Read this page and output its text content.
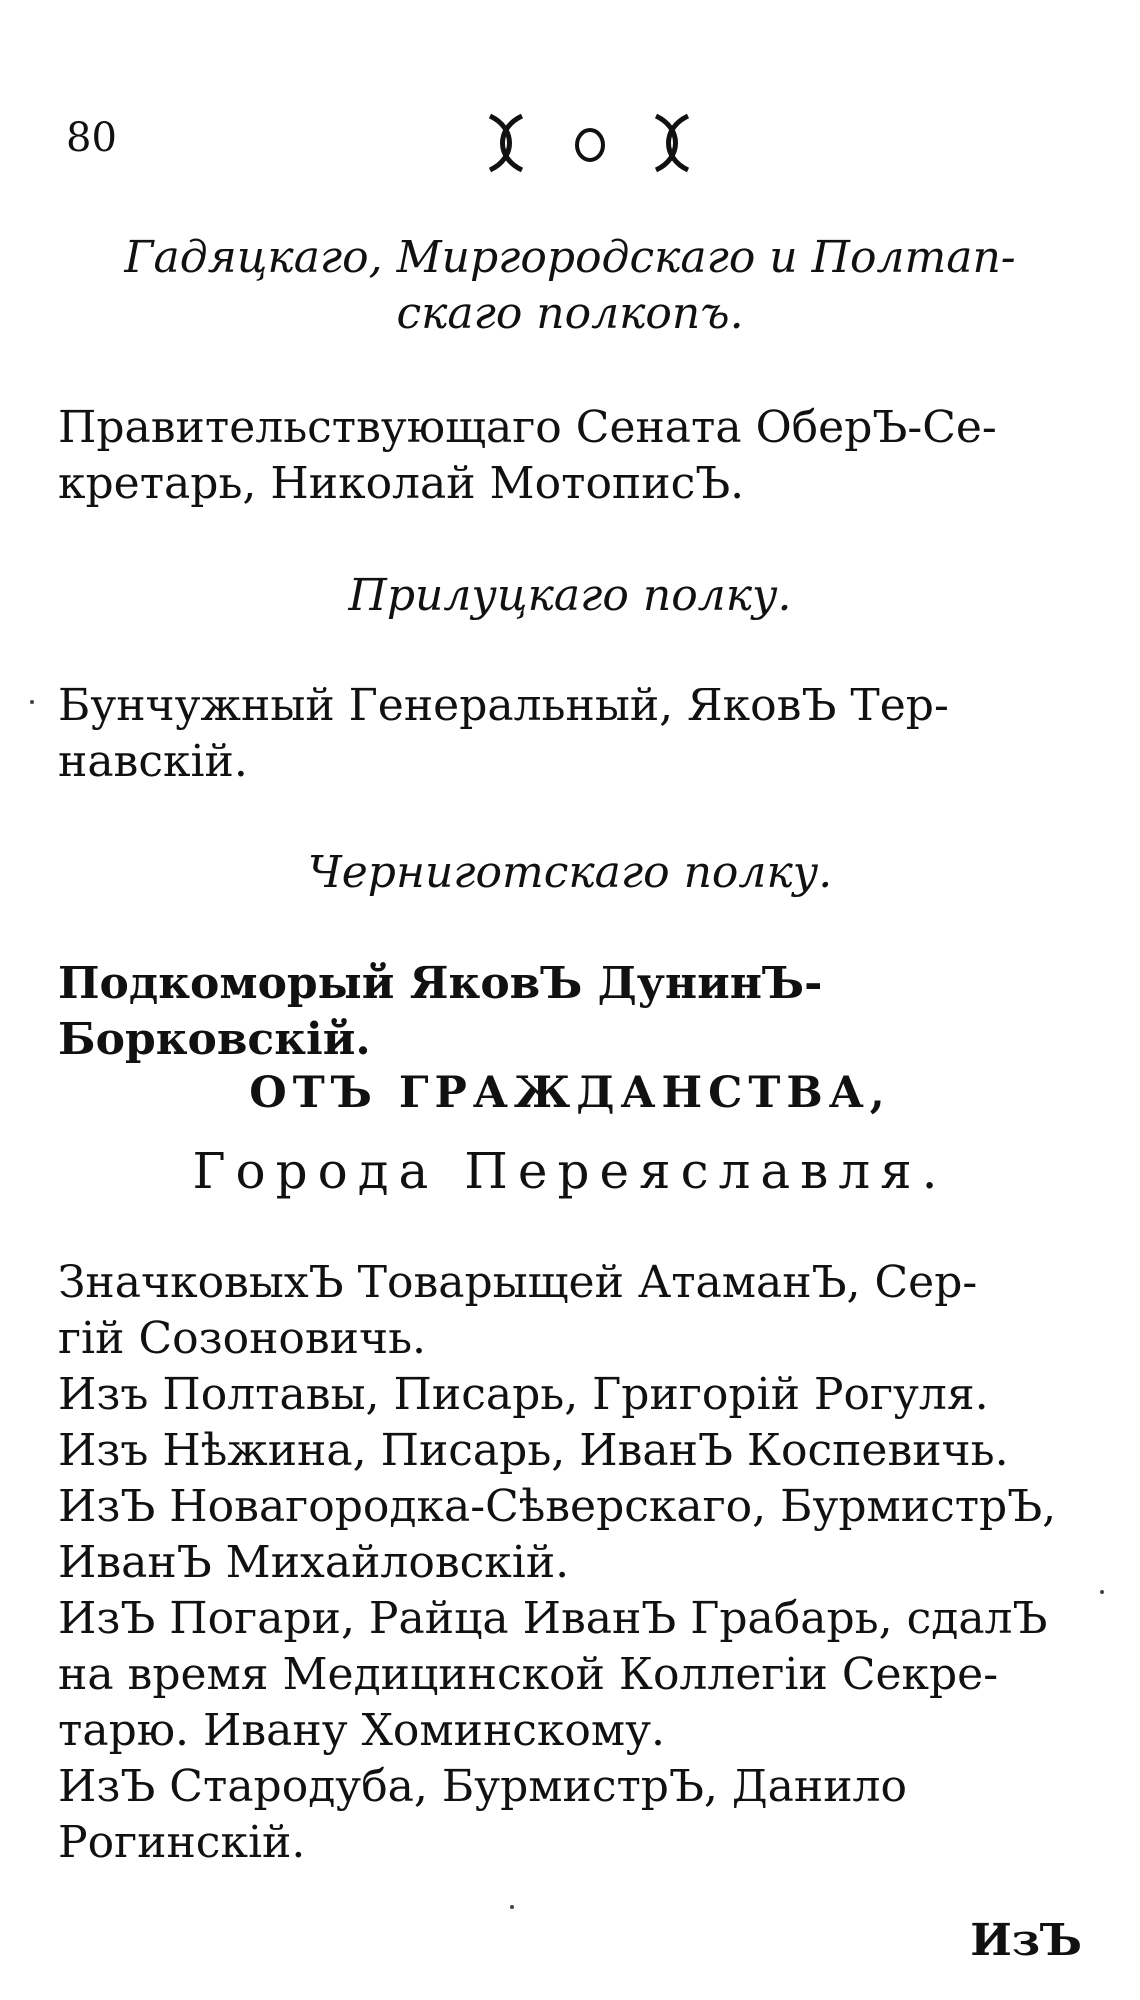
80
Гадяцкаго, Миргородскаго и Полтап-
скаго полкопъ.
Правительствующаго Сената ОберЪ-Се-
кретарь, Николай МотописЪ.
Прилуцкаго полку.
Бунчужный Генеральный, ЯковЪ Тер-
навскій.
Черниготскаго полку.
Подкоморый ЯковЪ ДунинЪ-Борковскій.
ОТЪ ГРАЖДАНСТВА,
Города Переяславля.
ЗначковыхЪ Товарыщей АтаманЪ, Сер-
гій Созоновичь.
Изъ Полтавы, Писарь, Григорій Рогуля.
Изъ Нѣжина, Писарь, ИванЪ Коспевичь.
ИзЪ Новагородка-Сѣверскаго, БурмистрЪ,
ИванЪ Михайловскій.
ИзЪ Погари, Райца ИванЪ Грабарь, сдалЪ
на время Медицинской Коллегіи Секре-
тарю. Ивану Хоминскому.
ИзЪ Стародуба, БурмистрЪ, Данило
Рогинскій.
ИзЪ
